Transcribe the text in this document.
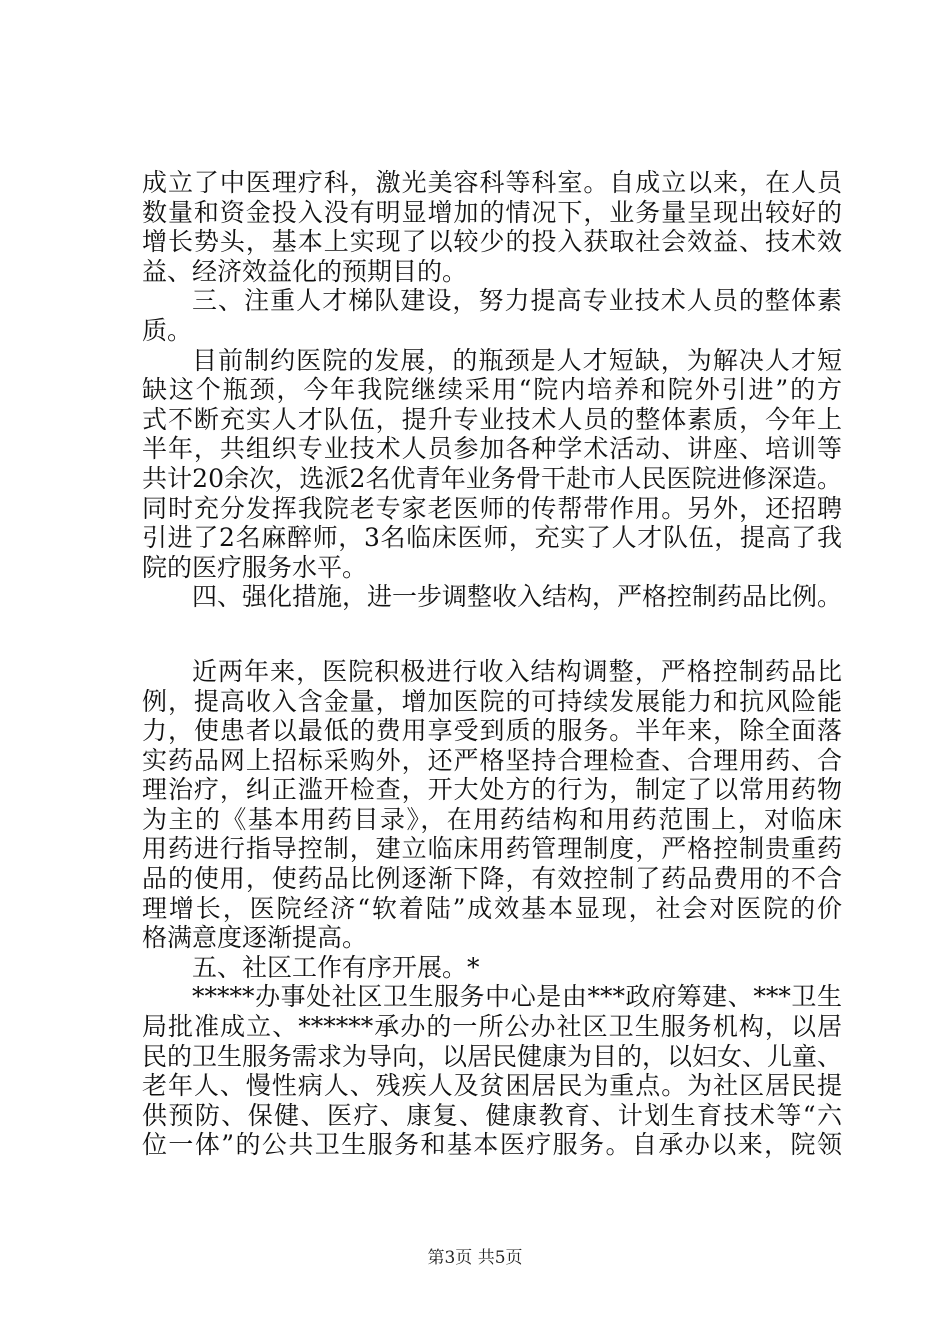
成立了中医理疗科，激光美容科等科室。自成立以来，在人员
数量和资金投入没有明显增加的情况下，业务量呈现出较好的
增长势头，基本上实现了以较少的投入获取社会效益、技术效
益、经济效益化的预期目的。
三、注重人才梯队建设，努力提高专业技术人员的整体素
质。
目前制约医院的发展，的瓶颈是人才短缺，为解决人才短
缺这个瓶颈，今年我院继续采用“院内培养和院外引进”的方
式不断充实人才队伍，提升专业技术人员的整体素质，今年上
半年，共组织专业技术人员参加各种学术活动、讲座、培训等
共计20余次，选派2名优青年业务骨干赴市人民医院进修深造。
同时充分发挥我院老专家老医师的传帮带作用。另外，还招聘
引进了2名麻醉师，3名临床医师，充实了人才队伍，提高了我
院的医疗服务水平。
四、强化措施，进一步调整收入结构，严格控制药品比例。
近两年来，医院积极进行收入结构调整，严格控制药品比
例，提高收入含金量，增加医院的可持续发展能力和抗风险能
力，使患者以最低的费用享受到质的服务。半年来，除全面落
实药品网上招标采购外，还严格坚持合理检查、合理用药、合
理治疗，纠正滥开检查，开大处方的行为，制定了以常用药物
为主的《基本用药目录》，在用药结构和用药范围上，对临床
用药进行指导控制，建立临床用药管理制度，严格控制贵重药
品的使用，使药品比例逐渐下降，有效控制了药品费用的不合
理增长，医院经济“软着陆”成效基本显现，社会对医院的价
格满意度逐渐提高。
五、社区工作有序开展。*
*****办事处社区卫生服务中心是由***政府筹建、***卫生
局批准成立、******承办的一所公办社区卫生服务机构，以居
民的卫生服务需求为导向，以居民健康为目的，以妇女、儿童、
老年人、慢性病人、残疾人及贫困居民为重点。为社区居民提
供预防、保健、医疗、康复、健康教育、计划生育技术等“六
位一体”的公共卫生服务和基本医疗服务。自承办以来，院领
第3页 共5页
